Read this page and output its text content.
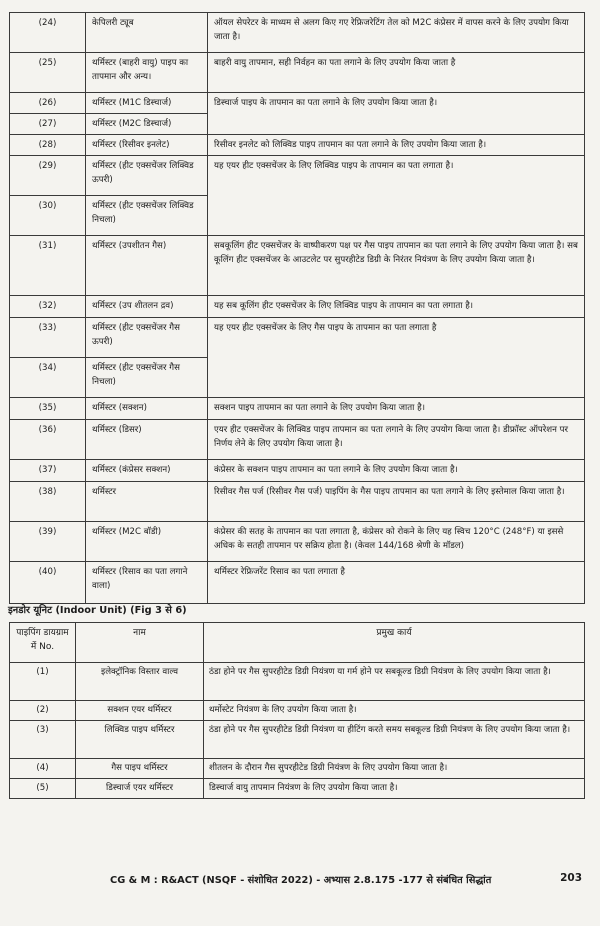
(24)	केपिलरी ट्यूब	ऑयल सेपरेटर के माध्यम से अलग किए गए रेफ्रिजरेटिंग तेल को M2C कंप्रेसर में वापस करने के लिए उपयोग किया जाता है।
(25)	थर्मिस्टर (बाहरी वायु) पाइप का तापमान और अन्य।	बाहरी वायु तापमान, सही निर्वहन का पता लगाने के लिए उपयोग किया जाता है
(26)	थर्मिस्टर (M1C डिस्चार्ज)	डिस्चार्ज पाइप के तापमान का पता लगाने के लिए उपयोग किया जाता है।
(27)	थर्मिस्टर (M2C डिस्चार्ज)	
(28)	थर्मिस्टर (रिसीवर इनलेट)	रिसीवर इनलेट को लिक्विड पाइप तापमान का पता लगाने के लिए उपयोग किया जाता है।
(29)	थर्मिस्टर (हीट एक्सचेंजर लिक्विड ऊपरी)	यह एयर हीट एक्सचेंजर के लिए लिक्विड पाइप के तापमान का पता लगाता है।
(30)	थर्मिस्टर (हीट एक्सचेंजर लिक्विड निचला)	
(31)	थर्मिस्टर (उपशीतन गैस)	सबकूलिंग हीट एक्सचेंजर के वाष्पीकरण पक्ष पर गैस पाइप तापमान का पता लगाने के लिए उपयोग किया जाता है। सब कूलिंग हीट एक्सचेंजर के आउटलेट पर सुपरहीटेड डिग्री के निरंतर नियंत्रण के लिए उपयोग किया जाता है।
(32)	थर्मिस्टर (उप शीतलन द्रव)	यह सब कूलिंग हीट एक्सचेंजर के लिए लिक्विड पाइप के तापमान का पता लगाता है।
(33)	थर्मिस्टर (हीट एक्सचेंजर गैस ऊपरी)	यह एयर हीट एक्सचेंजर के लिए गैस पाइप के तापमान का पता लगाता है
(34)	थर्मिस्टर (हीट एक्सचेंजर गैस निचला)	
(35)	थर्मिस्टर (सक्शन)	सक्शन पाइप तापमान का पता लगाने के लिए उपयोग किया जाता है।
(36)	थर्मिस्टर (डिसर)	एयर हीट एक्सचेंजर के लिक्विड पाइप तापमान का पता लगाने के लिए उपयोग किया जाता है। डीफ्रॉस्ट ऑपरेशन पर निर्णय लेने के लिए उपयोग किया जाता है।
(37)	थर्मिस्टर (कंप्रेसर सक्शन)	कंप्रेसर के सक्शन पाइप तापमान का पता लगाने के लिए उपयोग किया जाता है।
(38)	थर्मिस्टर	रिसीवर गैस पर्ज (रिसीवर गैस पर्ज) पाइपिंग के गैस पाइप तापमान का पता लगाने के लिए इस्तेमाल किया जाता है।
(39)	थर्मिस्टर (M2C बॉडी)	कंप्रेसर की सतह के तापमान का पता लगाता है, कंप्रेसर को रोकने के लिए यह स्विच 120°C (248°F) या इससे अधिक के सतही तापमान पर सक्रिय होता है। (केवल 144/168 श्रेणी के मॉडल)
(40)	थर्मिस्टर (रिसाव का पता लगाने वाला)	थर्मिस्टर रेफ्रिजरेंट रिसाव का पता लगाता है
इनडोर यूनिट (Indoor Unit) (Fig 3 से 6)
पाइपिंग डायग्राम में No.	नाम	प्रमुख कार्य
(1)	इलेक्ट्रॉनिक विस्तार वाल्व	ठंडा होने पर गैस सुपरहीटेड डिग्री नियंत्रण या गर्म होने पर सबकूल्ड डिग्री नियंत्रण के लिए उपयोग किया जाता है।
(2)	सक्शन एयर थर्मिस्टर	थर्मोस्टेट नियंत्रण के लिए उपयोग किया जाता है।
(3)	लिक्विड पाइप थर्मिस्टर	ठंडा होने पर गैस सुपरहीटेड डिग्री नियंत्रण या हीटिंग करते समय सबकूल्ड डिग्री नियंत्रण के लिए उपयोग किया जाता है।
(4)	गैस पाइप थर्मिस्टर	शीतलन के दौरान गैस सुपरहीटेड डिग्री नियंत्रण के लिए उपयोग किया जाता है।
(5)	डिस्चार्ज एयर थर्मिस्टर	डिस्चार्ज वायु तापमान नियंत्रण के लिए उपयोग किया जाता है।
CG & M : R&ACT (NSQF - संशोधित 2022) - अभ्यास 2.8.175 -177 से संबंधित सिद्धांत	203
